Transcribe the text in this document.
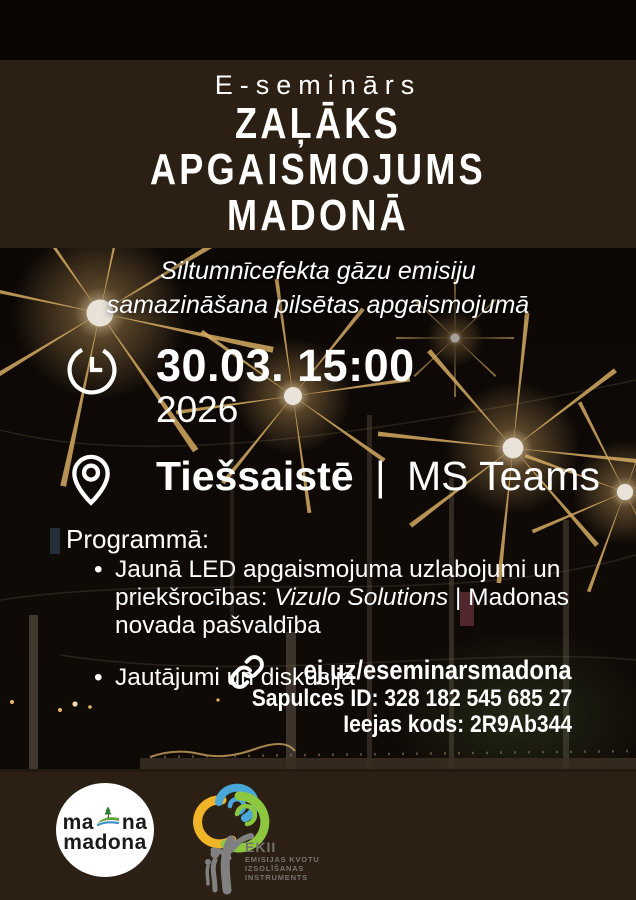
E-seminārs
ZAĻĀKS
APGAISMOJUMS
MADONĀ
Siltumnīcefekta gāzu emisiju
samazināšana pilsētas apgaismojumā
30.03. 15:00
2026
Tiešsaistē | MS Teams
Programmā:
• Jaunā LED apgaismojuma uzlabojumi un priekšrocības: Vizulo Solutions | Madonas novada pašvaldība
• Jautājumi un diskusija
ej.uz/eseminarsmadona
Sapulces ID: 328 182 545 685 27
Ieejas kods: 2R9Ab344
ma na
madona	EKII
EMISIJAS KVOTU
IZSOLĪŠANAS
INSTRUMENTS
